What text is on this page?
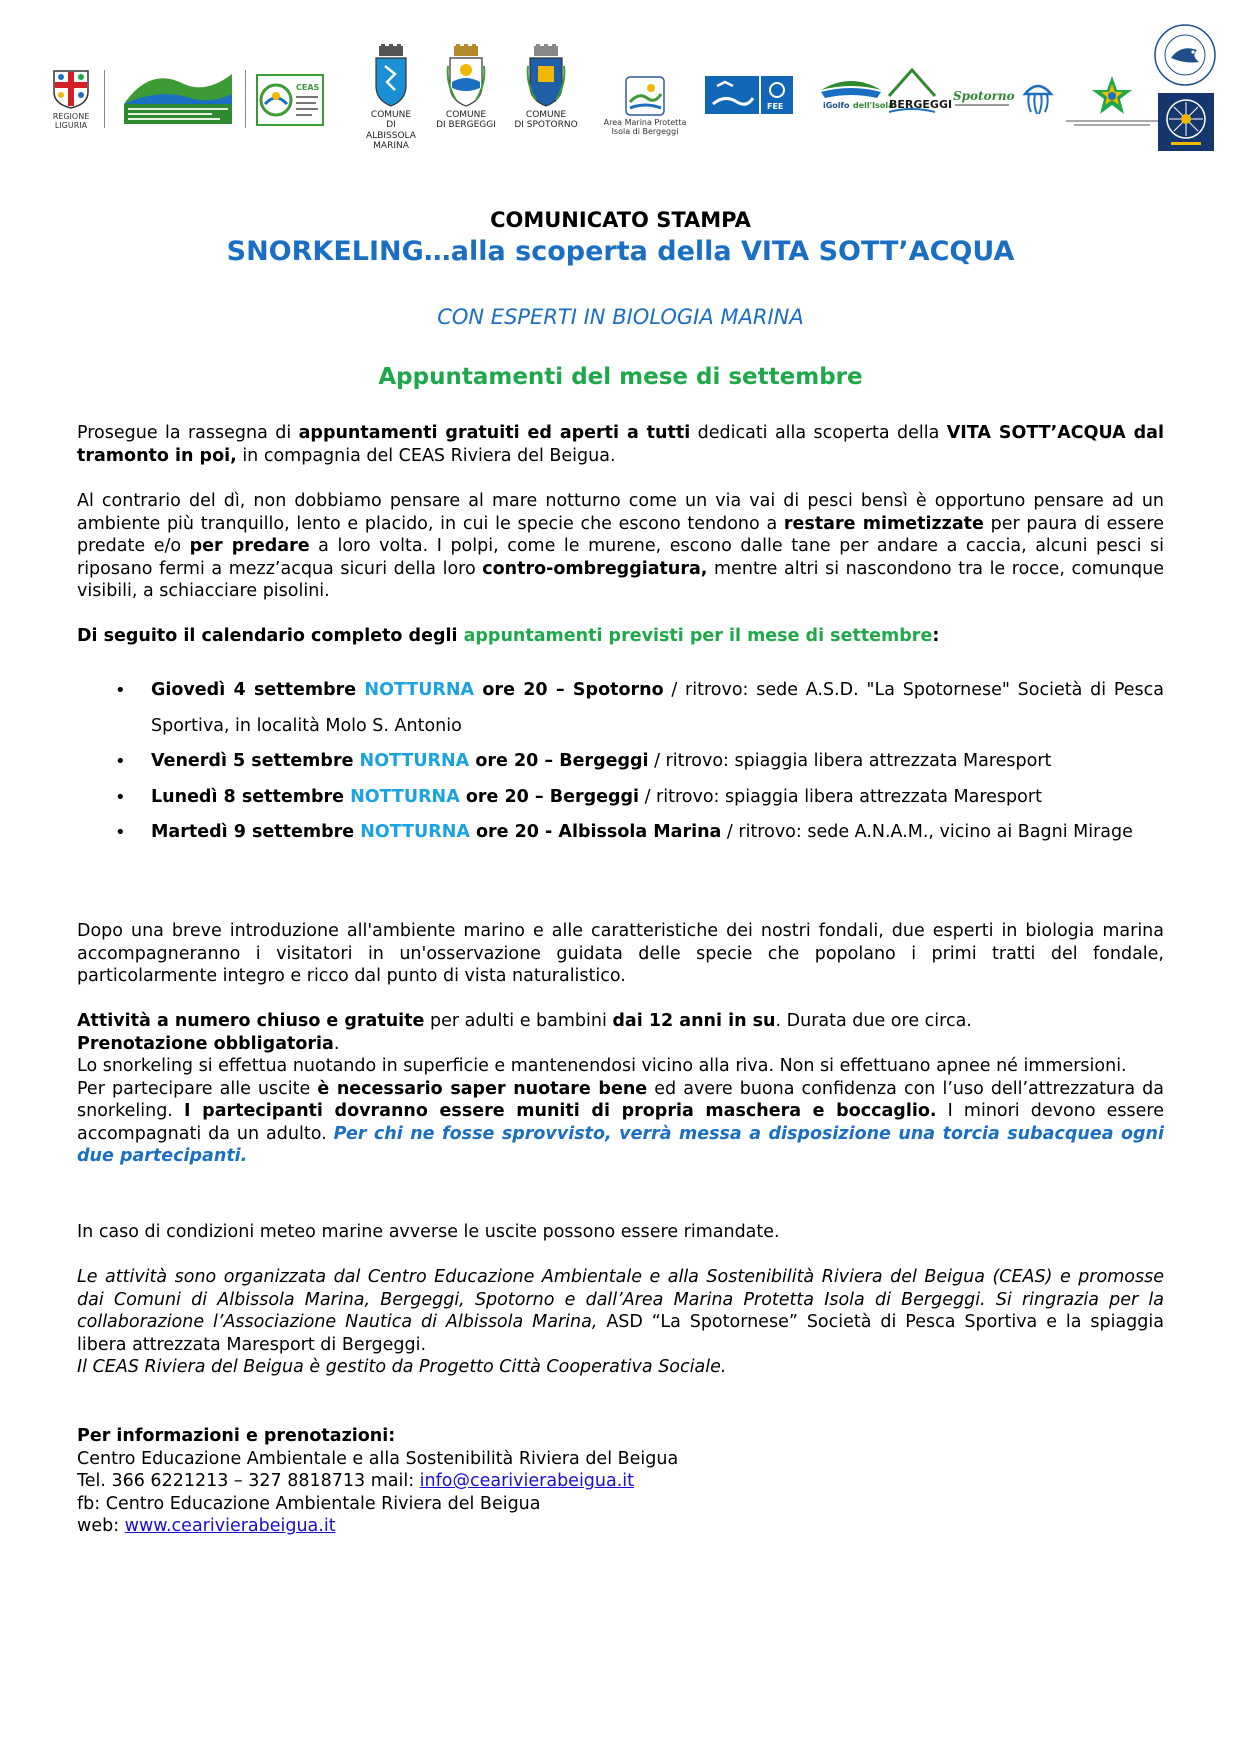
REGIONE LIGURIA
CEAS
COMUNE DI
ALBISSOLA
MARINA
COMUNE
DI BERGEGGI
COMUNE
DI SPOTORNO	Area Marina Protetta
Isola di Bergeggi
FEE	iGolfo dell'Isola
BERGEGGI
Spotorno
COMUNICATO STAMPA
SNORKELING…alla scoperta della VITA SOTT’ACQUA
CON ESPERTI IN BIOLOGIA MARINA
Appuntamenti del mese di settembre
Prosegue la rassegna di appuntamenti gratuiti ed aperti a tutti dedicati alla scoperta della VITA SOTT’ACQUA dal tramonto in poi, in compagnia del CEAS Riviera del Beigua.
Al contrario del dì, non dobbiamo pensare al mare notturno come un via vai di pesci bensì è opportuno pensare ad un ambiente più tranquillo, lento e placido, in cui le specie che escono tendono a restare mimetizzate per paura di essere predate e/o per predare a loro volta. I polpi, come le murene, escono dalle tane per andare a caccia, alcuni pesci si riposano fermi a mezz’acqua sicuri della loro contro-ombreggiatura, mentre altri si nascondono tra le rocce, comunque visibili, a schiacciare pisolini.
Di seguito il calendario completo degli appuntamenti previsti per il mese di settembre:
• Giovedì 4 settembre NOTTURNA ore 20 – Spotorno / ritrovo: sede A.S.D. "La Spotornese" Società di Pesca Sportiva, in località Molo S. Antonio
• Venerdì 5 settembre NOTTURNA ore 20 – Bergeggi / ritrovo: spiaggia libera attrezzata Maresport
• Lunedì 8 settembre NOTTURNA ore 20 – Bergeggi / ritrovo: spiaggia libera attrezzata Maresport
• Martedì 9 settembre NOTTURNA ore 20 - Albissola Marina / ritrovo: sede A.N.A.M., vicino ai Bagni Mirage
Dopo una breve introduzione all'ambiente marino e alle caratteristiche dei nostri fondali, due esperti in biologia marina accompagneranno i visitatori in un'osservazione guidata delle specie che popolano i primi tratti del fondale, particolarmente integro e ricco dal punto di vista naturalistico.
Attività a numero chiuso e gratuite per adulti e bambini dai 12 anni in su. Durata due ore circa.
Prenotazione obbligatoria.
Lo snorkeling si effettua nuotando in superficie e mantenendosi vicino alla riva. Non si effettuano apnee né immersioni.
Per partecipare alle uscite è necessario saper nuotare bene ed avere buona confidenza con l’uso dell’attrezzatura da snorkeling. I partecipanti dovranno essere muniti di propria maschera e boccaglio. I minori devono essere accompagnati da un adulto. Per chi ne fosse sprovvisto, verrà messa a disposizione una torcia subacquea ogni due partecipanti.
In caso di condizioni meteo marine avverse le uscite possono essere rimandate.
Le attività sono organizzata dal Centro Educazione Ambientale e alla Sostenibilità Riviera del Beigua (CEAS) e promosse dai Comuni di Albissola Marina, Bergeggi, Spotorno e dall’Area Marina Protetta Isola di Bergeggi. Si ringrazia per la collaborazione l’Associazione Nautica di Albissola Marina, ASD “La Spotornese” Società di Pesca Sportiva e la spiaggia libera attrezzata Maresport di Bergeggi.
Il CEAS Riviera del Beigua è gestito da Progetto Città Cooperativa Sociale.
Per informazioni e prenotazioni:
Centro Educazione Ambientale e alla Sostenibilità Riviera del Beigua
Tel. 366 6221213 – 327 8818713 mail: info@cearivierabeigua.it
fb: Centro Educazione Ambientale Riviera del Beigua
web: www.cearivierabeigua.it
